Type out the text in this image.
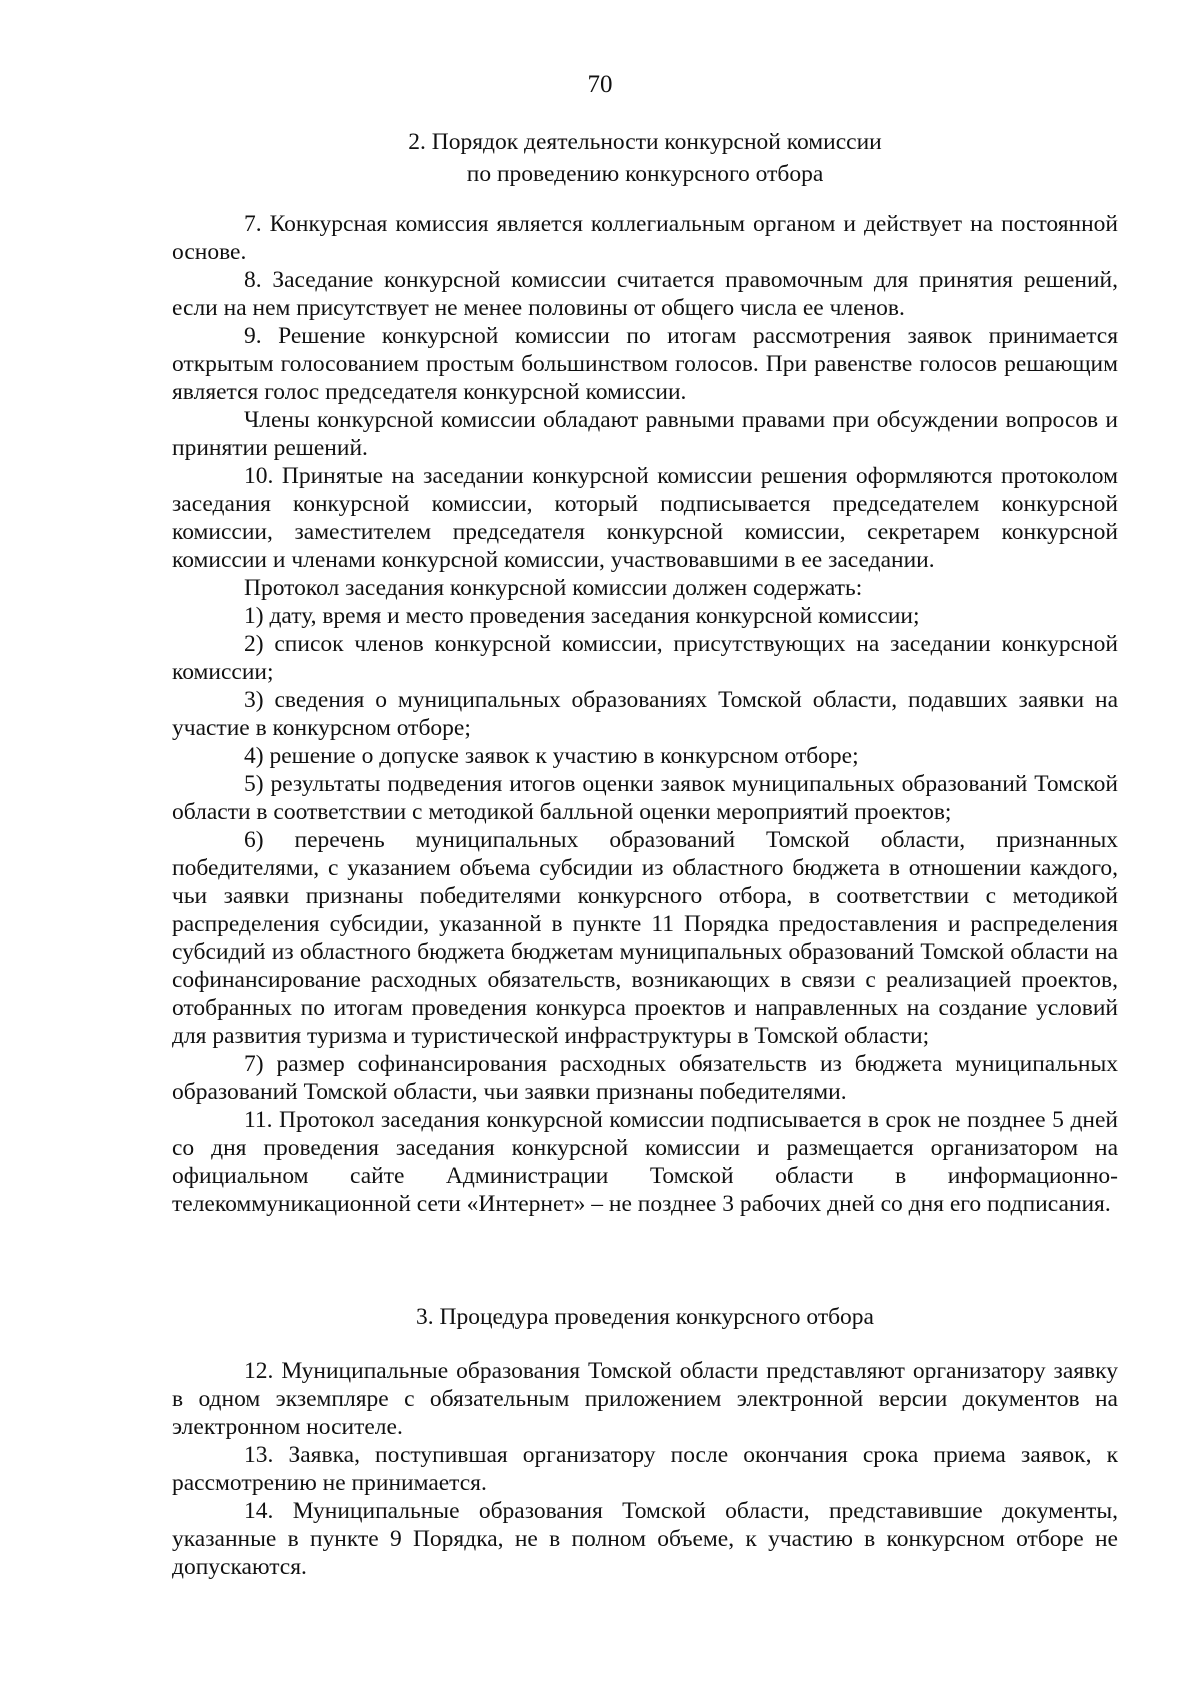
70
2. Порядок деятельности конкурсной комиссии
по проведению конкурсного отбора

7. Конкурсная комиссия является коллегиальным органом и действует на постоянной основе.

8. Заседание конкурсной комиссии считается правомочным для принятия решений, если на нем присутствует не менее половины от общего числа ее членов.

9. Решение конкурсной комиссии по итогам рассмотрения заявок принимается открытым голосованием простым большинством голосов. При равенстве голосов решающим является голос председателя конкурсной комиссии.

Члены конкурсной комиссии обладают равными правами при обсуждении вопросов и принятии решений.

10. Принятые на заседании конкурсной комиссии решения оформляются протоколом заседания конкурсной комиссии, который подписывается председателем конкурсной комиссии, заместителем председателя конкурсной комиссии, секретарем конкурсной комиссии и членами конкурсной комиссии, участвовавшими в ее заседании.

Протокол заседания конкурсной комиссии должен содержать:

1) дату, время и место проведения заседания конкурсной комиссии;

2) список членов конкурсной комиссии, присутствующих на заседании конкурсной комиссии;

3) сведения о муниципальных образованиях Томской области, подавших заявки на участие в конкурсном отборе;

4) решение о допуске заявок к участию в конкурсном отборе;

5) результаты подведения итогов оценки заявок муниципальных образований Томской области в соответствии с методикой балльной оценки мероприятий проектов;

6) перечень муниципальных образований Томской области, признанных победителями, с указанием объема субсидии из областного бюджета в отношении каждого, чьи заявки признаны победителями конкурсного отбора, в соответствии с методикой распределения субсидии, указанной в пункте 11 Порядка предоставления и распределения субсидий из областного бюджета бюджетам муниципальных образований Томской области на софинансирование расходных обязательств, возникающих в связи с реализацией проектов, отобранных по итогам проведения конкурса проектов и направленных на создание условий для развития туризма и туристической инфраструктуры в Томской области;

7) размер софинансирования расходных обязательств из бюджета муниципальных образований Томской области, чьи заявки признаны победителями.

11. Протокол заседания конкурсной комиссии подписывается в срок не позднее 5 дней со дня проведения заседания конкурсной комиссии и размещается организатором на официальном сайте Администрации Томской области в информационно-телекоммуникационной сети «Интернет» – не позднее 3 рабочих дней со дня его подписания.

3. Процедура проведения конкурсного отбора

12. Муниципальные образования Томской области представляют организатору заявку в одном экземпляре с обязательным приложением электронной версии документов на электронном носителе.

13. Заявка, поступившая организатору после окончания срока приема заявок, к рассмотрению не принимается.

14. Муниципальные образования Томской области, представившие документы, указанные в пункте 9 Порядка, не в полном объеме, к участию в конкурсном отборе не допускаются.
